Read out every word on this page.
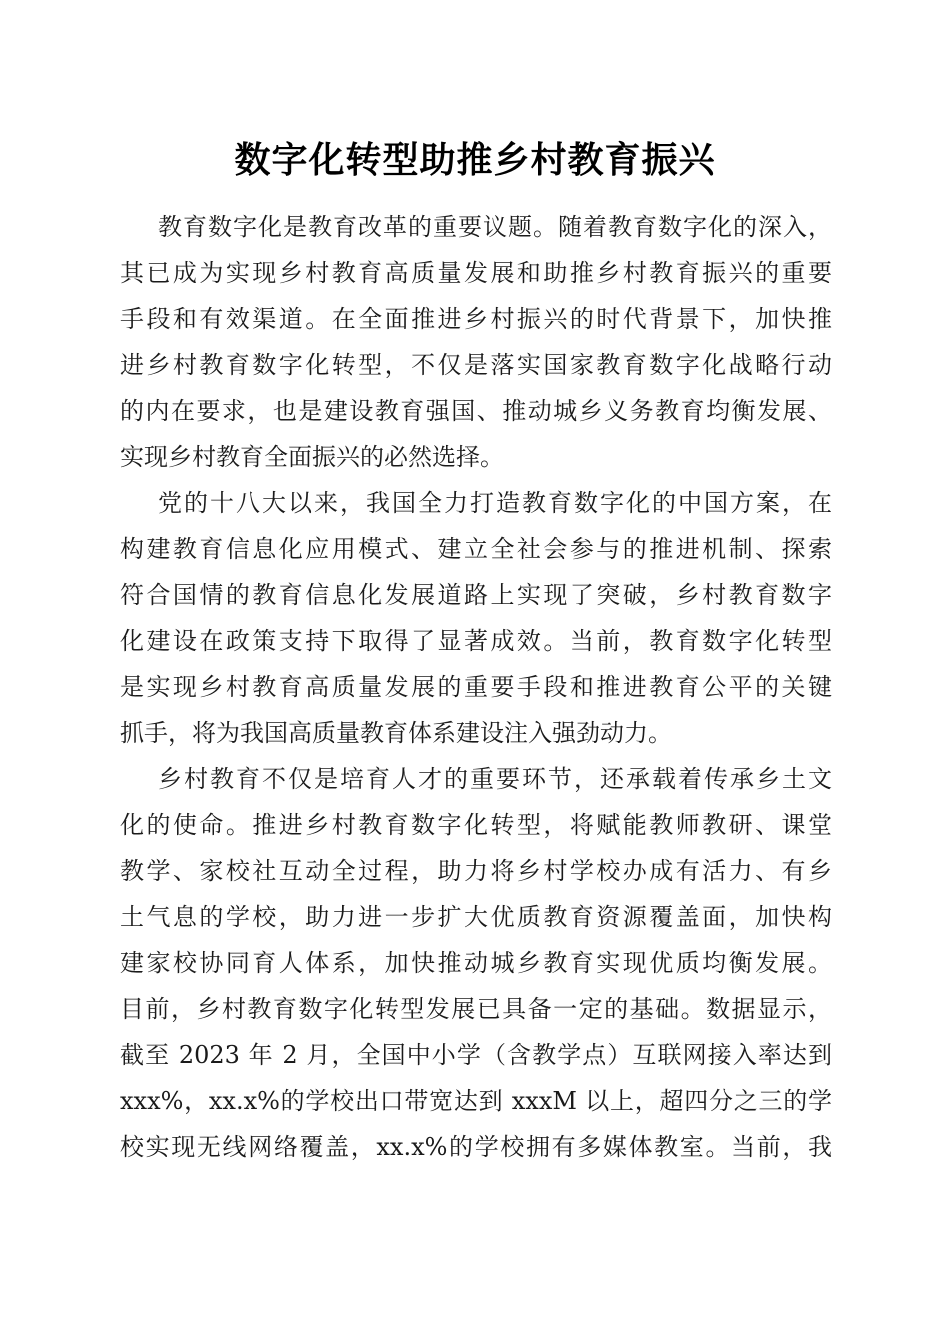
数字化转型助推乡村教育振兴

教育数字化是教育改革的重要议题。随着教育数字化的深入，

其已成为实现乡村教育高质量发展和助推乡村教育振兴的重要

手段和有效渠道。在全面推进乡村振兴的时代背景下，加快推

进乡村教育数字化转型，不仅是落实国家教育数字化战略行动

的内在要求，也是建设教育强国、推动城乡义务教育均衡发展、

实现乡村教育全面振兴的必然选择。

党的十八大以来，我国全力打造教育数字化的中国方案，在

构建教育信息化应用模式、建立全社会参与的推进机制、探索

符合国情的教育信息化发展道路上实现了突破，乡村教育数字

化建设在政策支持下取得了显著成效。当前，教育数字化转型

是实现乡村教育高质量发展的重要手段和推进教育公平的关键

抓手，将为我国高质量教育体系建设注入强劲动力。

乡村教育不仅是培育人才的重要环节，还承载着传承乡土文

化的使命。推进乡村教育数字化转型，将赋能教师教研、课堂

教学、家校社互动全过程，助力将乡村学校办成有活力、有乡

土气息的学校，助力进一步扩大优质教育资源覆盖面，加快构

建家校协同育人体系，加快推动城乡教育实现优质均衡发展。

目前，乡村教育数字化转型发展已具备一定的基础。数据显示，

截至 2023 年 2 月，全国中小学（含教学点）互联网接入率达到

xxx%，xx.x%的学校出口带宽达到 xxxM 以上，超四分之三的学

校实现无线网络覆盖，xx.x%的学校拥有多媒体教室。当前，我
